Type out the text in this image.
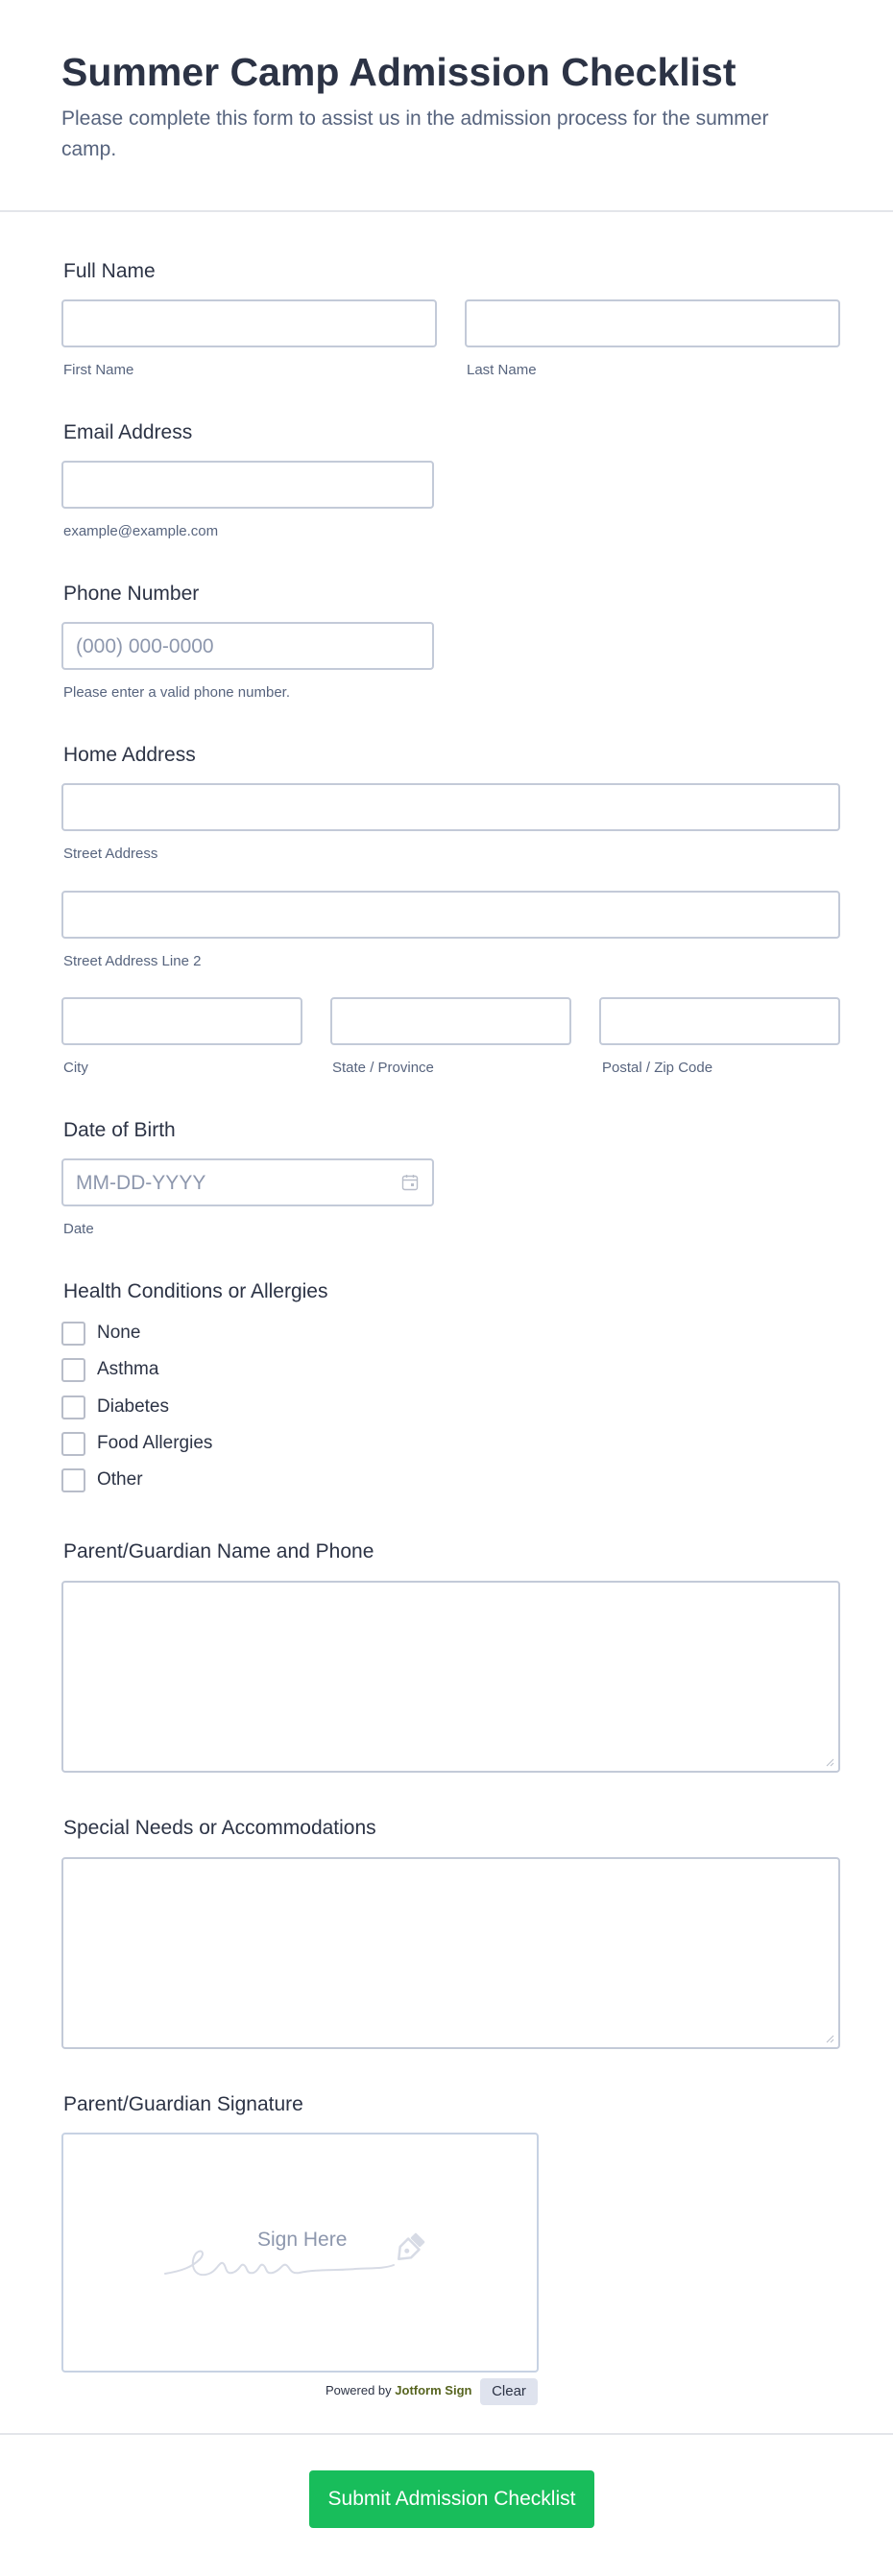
Summer Camp Admission Checklist
Please complete this form to assist us in the admission process for the summer camp.
Full Name
First Name	Last Name
Email Address
example@example.com
Phone Number
(000) 000-0000
Please enter a valid phone number.
Home Address
Street Address
Street Address Line 2
City	State / Province	Postal / Zip Code
Date of Birth
MM-DD-YYYY
Date
Health Conditions or Allergies
None
Asthma
Diabetes
Food Allergies
Other
Parent/Guardian Name and Phone
Special Needs or Accommodations
Parent/Guardian Signature
Sign Here
Powered by Jotform Sign	Clear
Submit Admission Checklist
